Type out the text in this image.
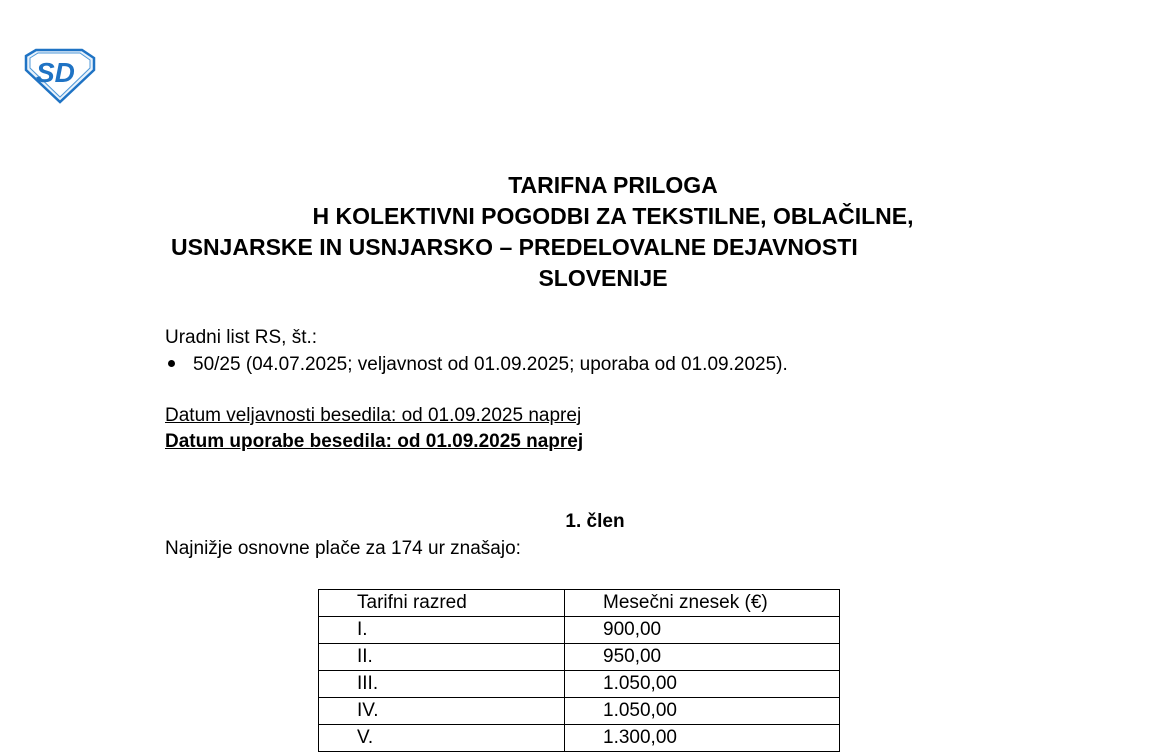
SD
TARIFNA PRILOGA
H KOLEKTIVNI POGODBI ZA TEKSTILNE, OBLAČILNE,
USNJARSKE IN USNJARSKO – PREDELOVALNE DEJAVNOSTI
SLOVENIJE
Uradni list RS, št.:
50/25 (04.07.2025; veljavnost od 01.09.2025; uporaba od 01.09.2025).
Datum veljavnosti besedila: od 01.09.2025 naprej
Datum uporabe besedila: od 01.09.2025 naprej
1. člen
Najnižje osnovne plače za 174 ur znašajo:
Tarifni razred	Mesečni znesek (€)
I.	900,00
II.	950,00
III.	1.050,00
IV.	1.050,00
V.	1.300,00
